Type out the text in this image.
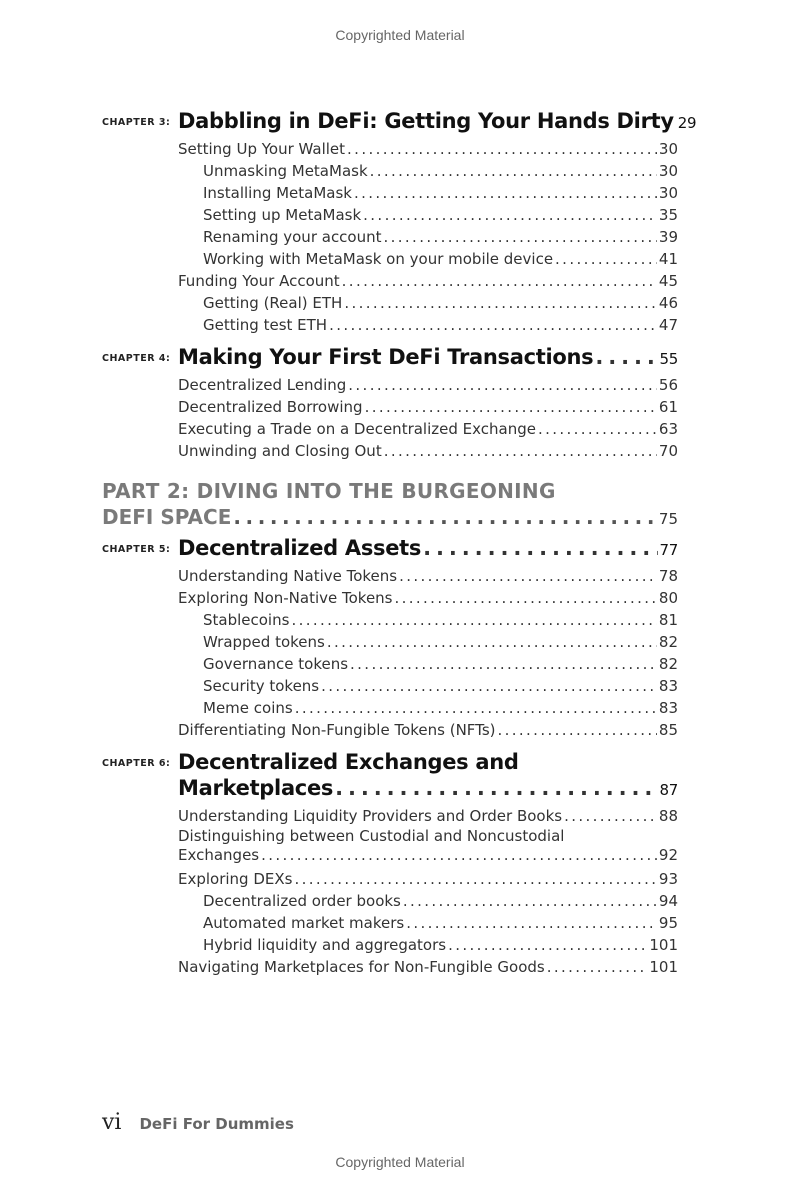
Copyrighted Material
CHAPTER 3: Dabbling in DeFi: Getting Your Hands Dirty 29
Setting Up Your Wallet . . .	30
Unmasking MetaMask . . .	30
Installing MetaMask . . .	30
Setting up MetaMask . . .	35
Renaming your account . . .	39
Working with MetaMask on your mobile device . . .	41
Funding Your Account . . .	45
Getting (Real) ETH . . .	46
Getting test ETH . . .	47
CHAPTER 4: Making Your First DeFi Transactions . . .	55
Decentralized Lending . . .	56
Decentralized Borrowing . . .	61
Executing a Trade on a Decentralized Exchange . . .	63
Unwinding and Closing Out . . .	70
PART 2: DIVING INTO THE BURGEONING
DEFI SPACE . . .	75
CHAPTER 5: Decentralized Assets . . .	77
Understanding Native Tokens . . .	78
Exploring Non-Native Tokens . . .	80
Stablecoins . . .	81
Wrapped tokens . . .	82
Governance tokens . . .	82
Security tokens . . .	83
Meme coins . . .	83
Differentiating Non-Fungible Tokens (NFTs) . . .	85
CHAPTER 6: Decentralized Exchanges and
Marketplaces . . .	87
Understanding Liquidity Providers and Order Books . . .	88
Distinguishing between Custodial and Noncustodial
Exchanges . . .	92
Exploring DEXs . . .	93
Decentralized order books . . .	94
Automated market makers . . .	95
Hybrid liquidity and aggregators . . .	101
Navigating Marketplaces for Non-Fungible Goods . . .	101
vi DeFi For Dummies
Copyrighted Material
